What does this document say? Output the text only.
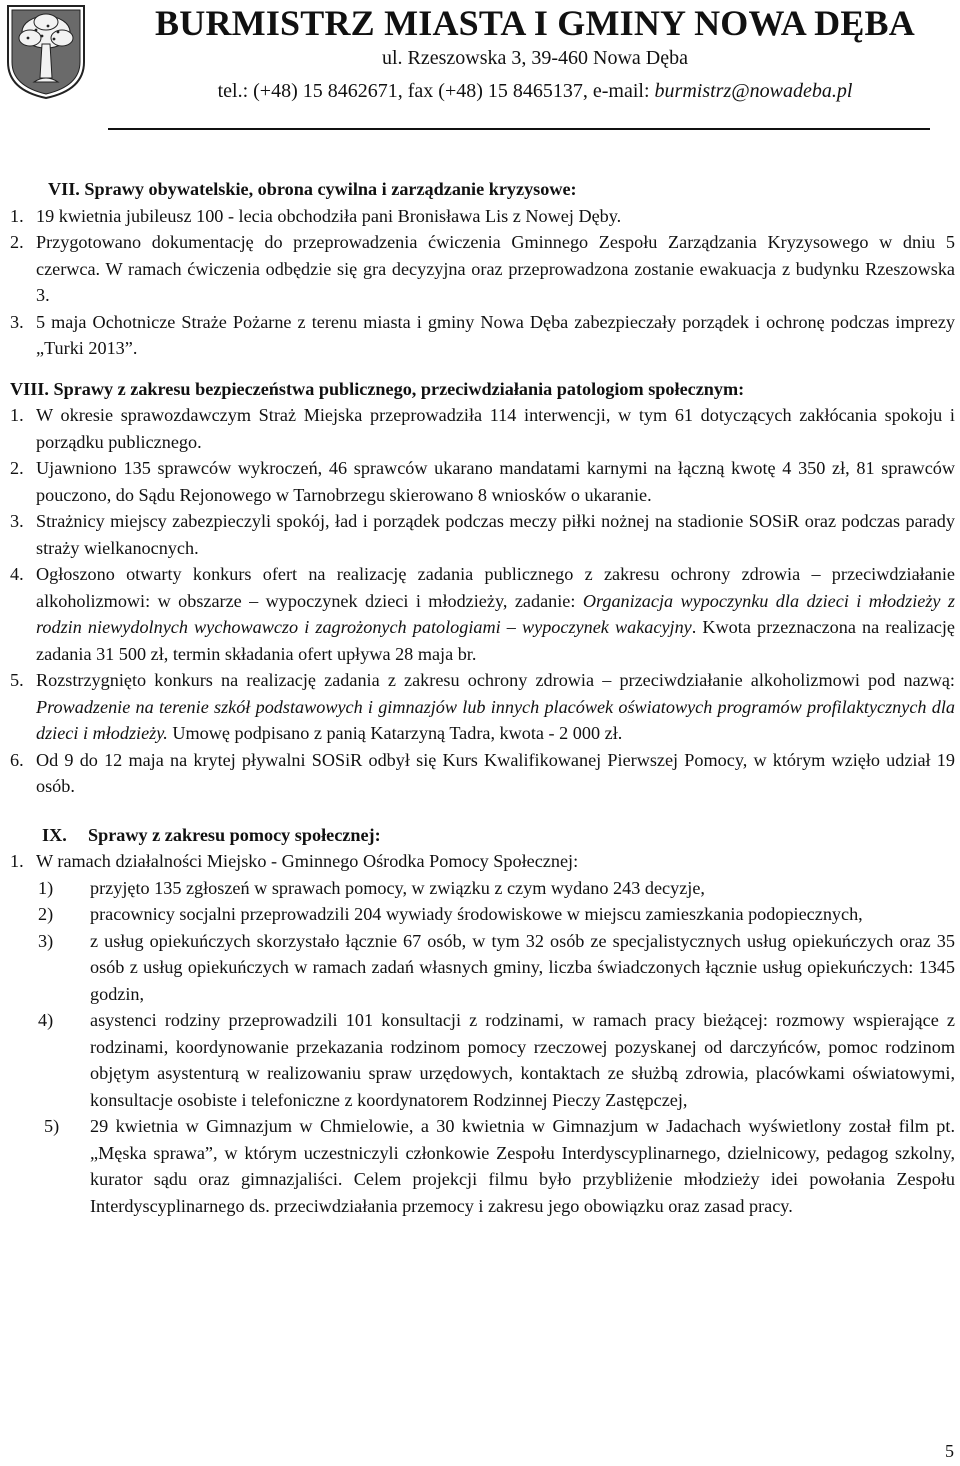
BURMISTRZ MIASTA I GMINY NOWA DĘBA
ul. Rzeszowska 3, 39-460 Nowa Dęba
tel.: (+48) 15 8462671, fax (+48) 15 8465137, e-mail: burmistrz@nowadeba.pl
VII. Sprawy obywatelskie, obrona cywilna i zarządzanie kryzysowe:
1. 19 kwietnia jubileusz 100 - lecia obchodziła pani Bronisława Lis z Nowej Dęby.
2. Przygotowano dokumentację do przeprowadzenia ćwiczenia Gminnego Zespołu Zarządzania Kryzysowego w dniu 5 czerwca. W ramach ćwiczenia odbędzie się gra decyzyjna oraz przeprowadzona zostanie ewakuacja z budynku Rzeszowska 3.
3. 5 maja Ochotnicze Straże Pożarne z terenu miasta i gminy Nowa Dęba zabezpieczały porządek i ochronę podczas imprezy „Turki 2013”.
VIII. Sprawy z zakresu bezpieczeństwa publicznego, przeciwdziałania patologiom społecznym:
1. W okresie sprawozdawczym Straż Miejska przeprowadziła 114 interwencji, w tym 61 dotyczących zakłócania spokoju i porządku publicznego.
2. Ujawniono 135 sprawców wykroczeń, 46 sprawców ukarano mandatami karnymi na łączną kwotę 4 350 zł, 81 sprawców pouczono, do Sądu Rejonowego w Tarnobrzegu skierowano 8 wniosków o ukaranie.
3. Strażnicy miejscy zabezpieczyli spokój, ład i porządek podczas meczy piłki nożnej na stadionie SOSiR oraz podczas parady straży wielkanocnych.
4. Ogłoszono otwarty konkurs ofert na realizację zadania publicznego z zakresu ochrony zdrowia – przeciwdziałanie alkoholizmowi: w obszarze – wypoczynek dzieci i młodzieży, zadanie: Organizacja wypoczynku dla dzieci i młodzieży z rodzin niewydolnych wychowawczo i zagrożonych patologiami – wypoczynek wakacyjny. Kwota przeznaczona na realizację zadania 31 500 zł, termin składania ofert upływa 28 maja br.
5. Rozstrzygnięto konkurs na realizację zadania z zakresu ochrony zdrowia – przeciwdziałanie alkoholizmowi pod nazwą: Prowadzenie na terenie szkół podstawowych i gimnazjów lub innych placówek oświatowych programów profilaktycznych dla dzieci i młodzieży. Umowę podpisano z panią Katarzyną Tadra, kwota - 2 000 zł.
6. Od 9 do 12 maja na krytej pływalni SOSiR odbył się Kurs Kwalifikowanej Pierwszej Pomocy, w którym wzięło udział 19 osób.
IX.	Sprawy z zakresu pomocy społecznej:
1. W ramach działalności Miejsko - Gminnego Ośrodka Pomocy Społecznej:
1)	przyjęto 135 zgłoszeń w sprawach pomocy, w związku z czym wydano 243 decyzje,
2)	pracownicy socjalni przeprowadzili 204 wywiady środowiskowe w miejscu zamieszkania podopiecznych,
3)	z usług opiekuńczych skorzystało łącznie 67 osób, w tym 32 osób ze specjalistycznych usług opiekuńczych oraz 35 osób z usług opiekuńczych w ramach zadań własnych gminy, liczba świadczonych łącznie usług opiekuńczych: 1345 godzin,
4)	asystenci rodziny przeprowadzili 101 konsultacji z rodzinami, w ramach pracy bieżącej: rozmowy wspierające z rodzinami, koordynowanie przekazania rodzinom pomocy rzeczowej pozyskanej od darczyńców, pomoc rodzinom objętym asystenturą w realizowaniu spraw urzędowych, kontaktach ze służbą zdrowia, placówkami oświatowymi, konsultacje osobiste i telefoniczne z koordynatorem Rodzinnej Pieczy Zastępczej,
5)	29 kwietnia w Gimnazjum w Chmielowie, a 30 kwietnia w Gimnazjum w Jadachach wyświetlony został film pt. „Męska sprawa”, w którym uczestniczyli członkowie Zespołu Interdyscyplinarnego, dzielnicowy, pedagog szkolny, kurator sądu oraz gimnazjaliści. Celem projekcji filmu było przybliżenie młodzieży idei powołania Zespołu Interdyscyplinarnego ds. przeciwdziałania przemocy i zakresu jego obowiązku oraz zasad pracy.
5
